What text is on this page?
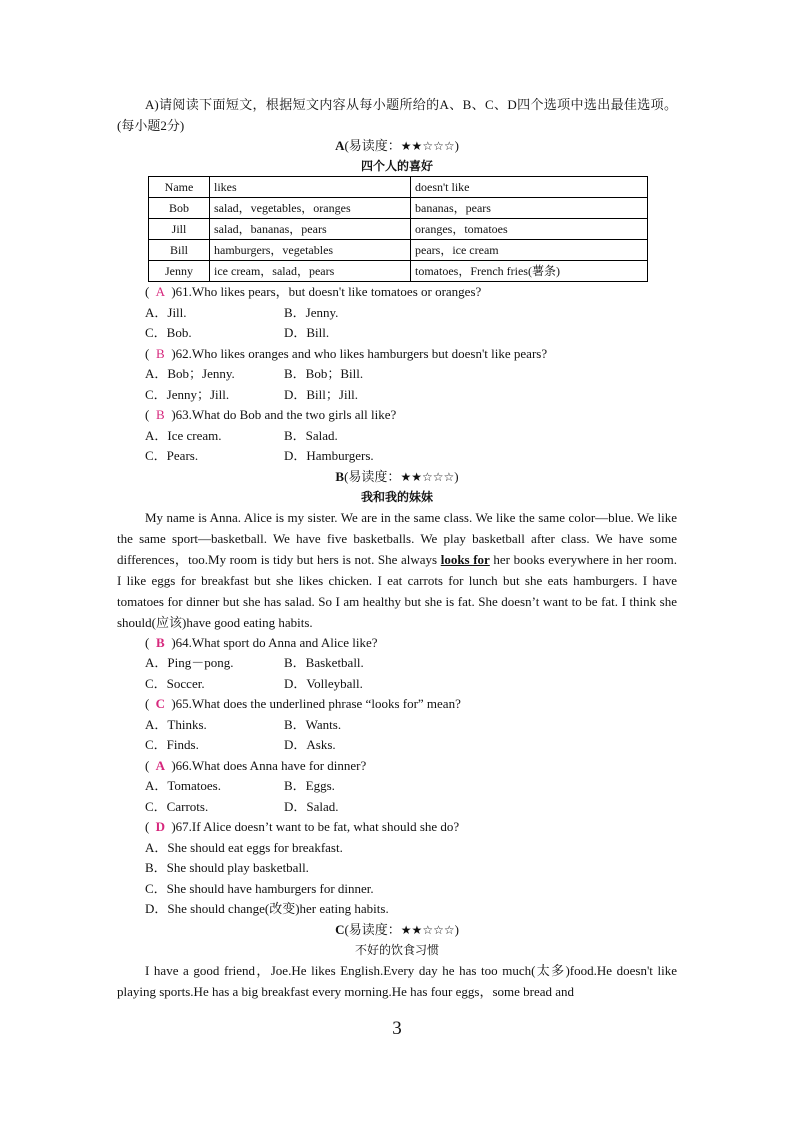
A)请阅读下面短文，根据短文内容从每小题所给的A、B、C、D四个选项中选出最佳选项。(每小题2分)

A(易读度：★★☆☆☆)

四个人的喜好

Name	likes	doesn't like
Bob	salad，vegetables，oranges	bananas，pears
Jill	salad，bananas，pears	oranges，tomatoes
Bill	hamburgers，vegetables	pears，ice cream
Jenny	ice cream，salad，pears	tomatoes，French fries(薯条)

( A )61.Who likes pears，but doesn't like tomatoes or oranges?

A．Jill.	B．Jenny.
C．Bob.	D．Bill.

( B )62.Who likes oranges and who likes hamburgers but doesn't like pears?

A．Bob；Jenny.	B．Bob；Bill.
C．Jenny；Jill.	D．Bill；Jill.

( B )63.What do Bob and the two girls all like?

A．Ice cream.	B．Salad.
C．Pears.	D．Hamburgers.

B(易读度：★★☆☆☆)

我和我的妹妹

My name is Anna. Alice is my sister. We are in the same class. We like the same color—blue. We like the same sport—basketball. We have five basketballs. We play basketball after class. We have some differences，too.My room is tidy but hers is not. She always looks for her books everywhere in her room. I like eggs for breakfast but she likes chicken. I eat carrots for lunch but she eats hamburgers. I have tomatoes for dinner but she has salad. So I am healthy but she is fat. She doesn’t want to be fat. I think she should(应该)have good eating habits.

( B )64.What sport do Anna and Alice like?

A．Ping－pong.	B．Basketball.
C．Soccer.	D．Volleyball.

( C )65.What does the underlined phrase “looks for” mean?

A．Thinks.	B．Wants.
C．Finds.	D．Asks.

( A )66.What does Anna have for dinner?

A．Tomatoes.	B．Eggs.
C．Carrots.	D．Salad.

( D )67.If Alice doesn’t want to be fat, what should she do?

A．She should eat eggs for breakfast.

B．She should play basketball.

C．She should have hamburgers for dinner.

D．She should change(改变)her eating habits.

C(易读度：★★☆☆☆)

不好的饮食习惯

I have a good friend，Joe.He likes English.Every day he has too much(太多)food.He doesn't like playing sports.He has a big breakfast every morning.He has four eggs，some bread and

3
